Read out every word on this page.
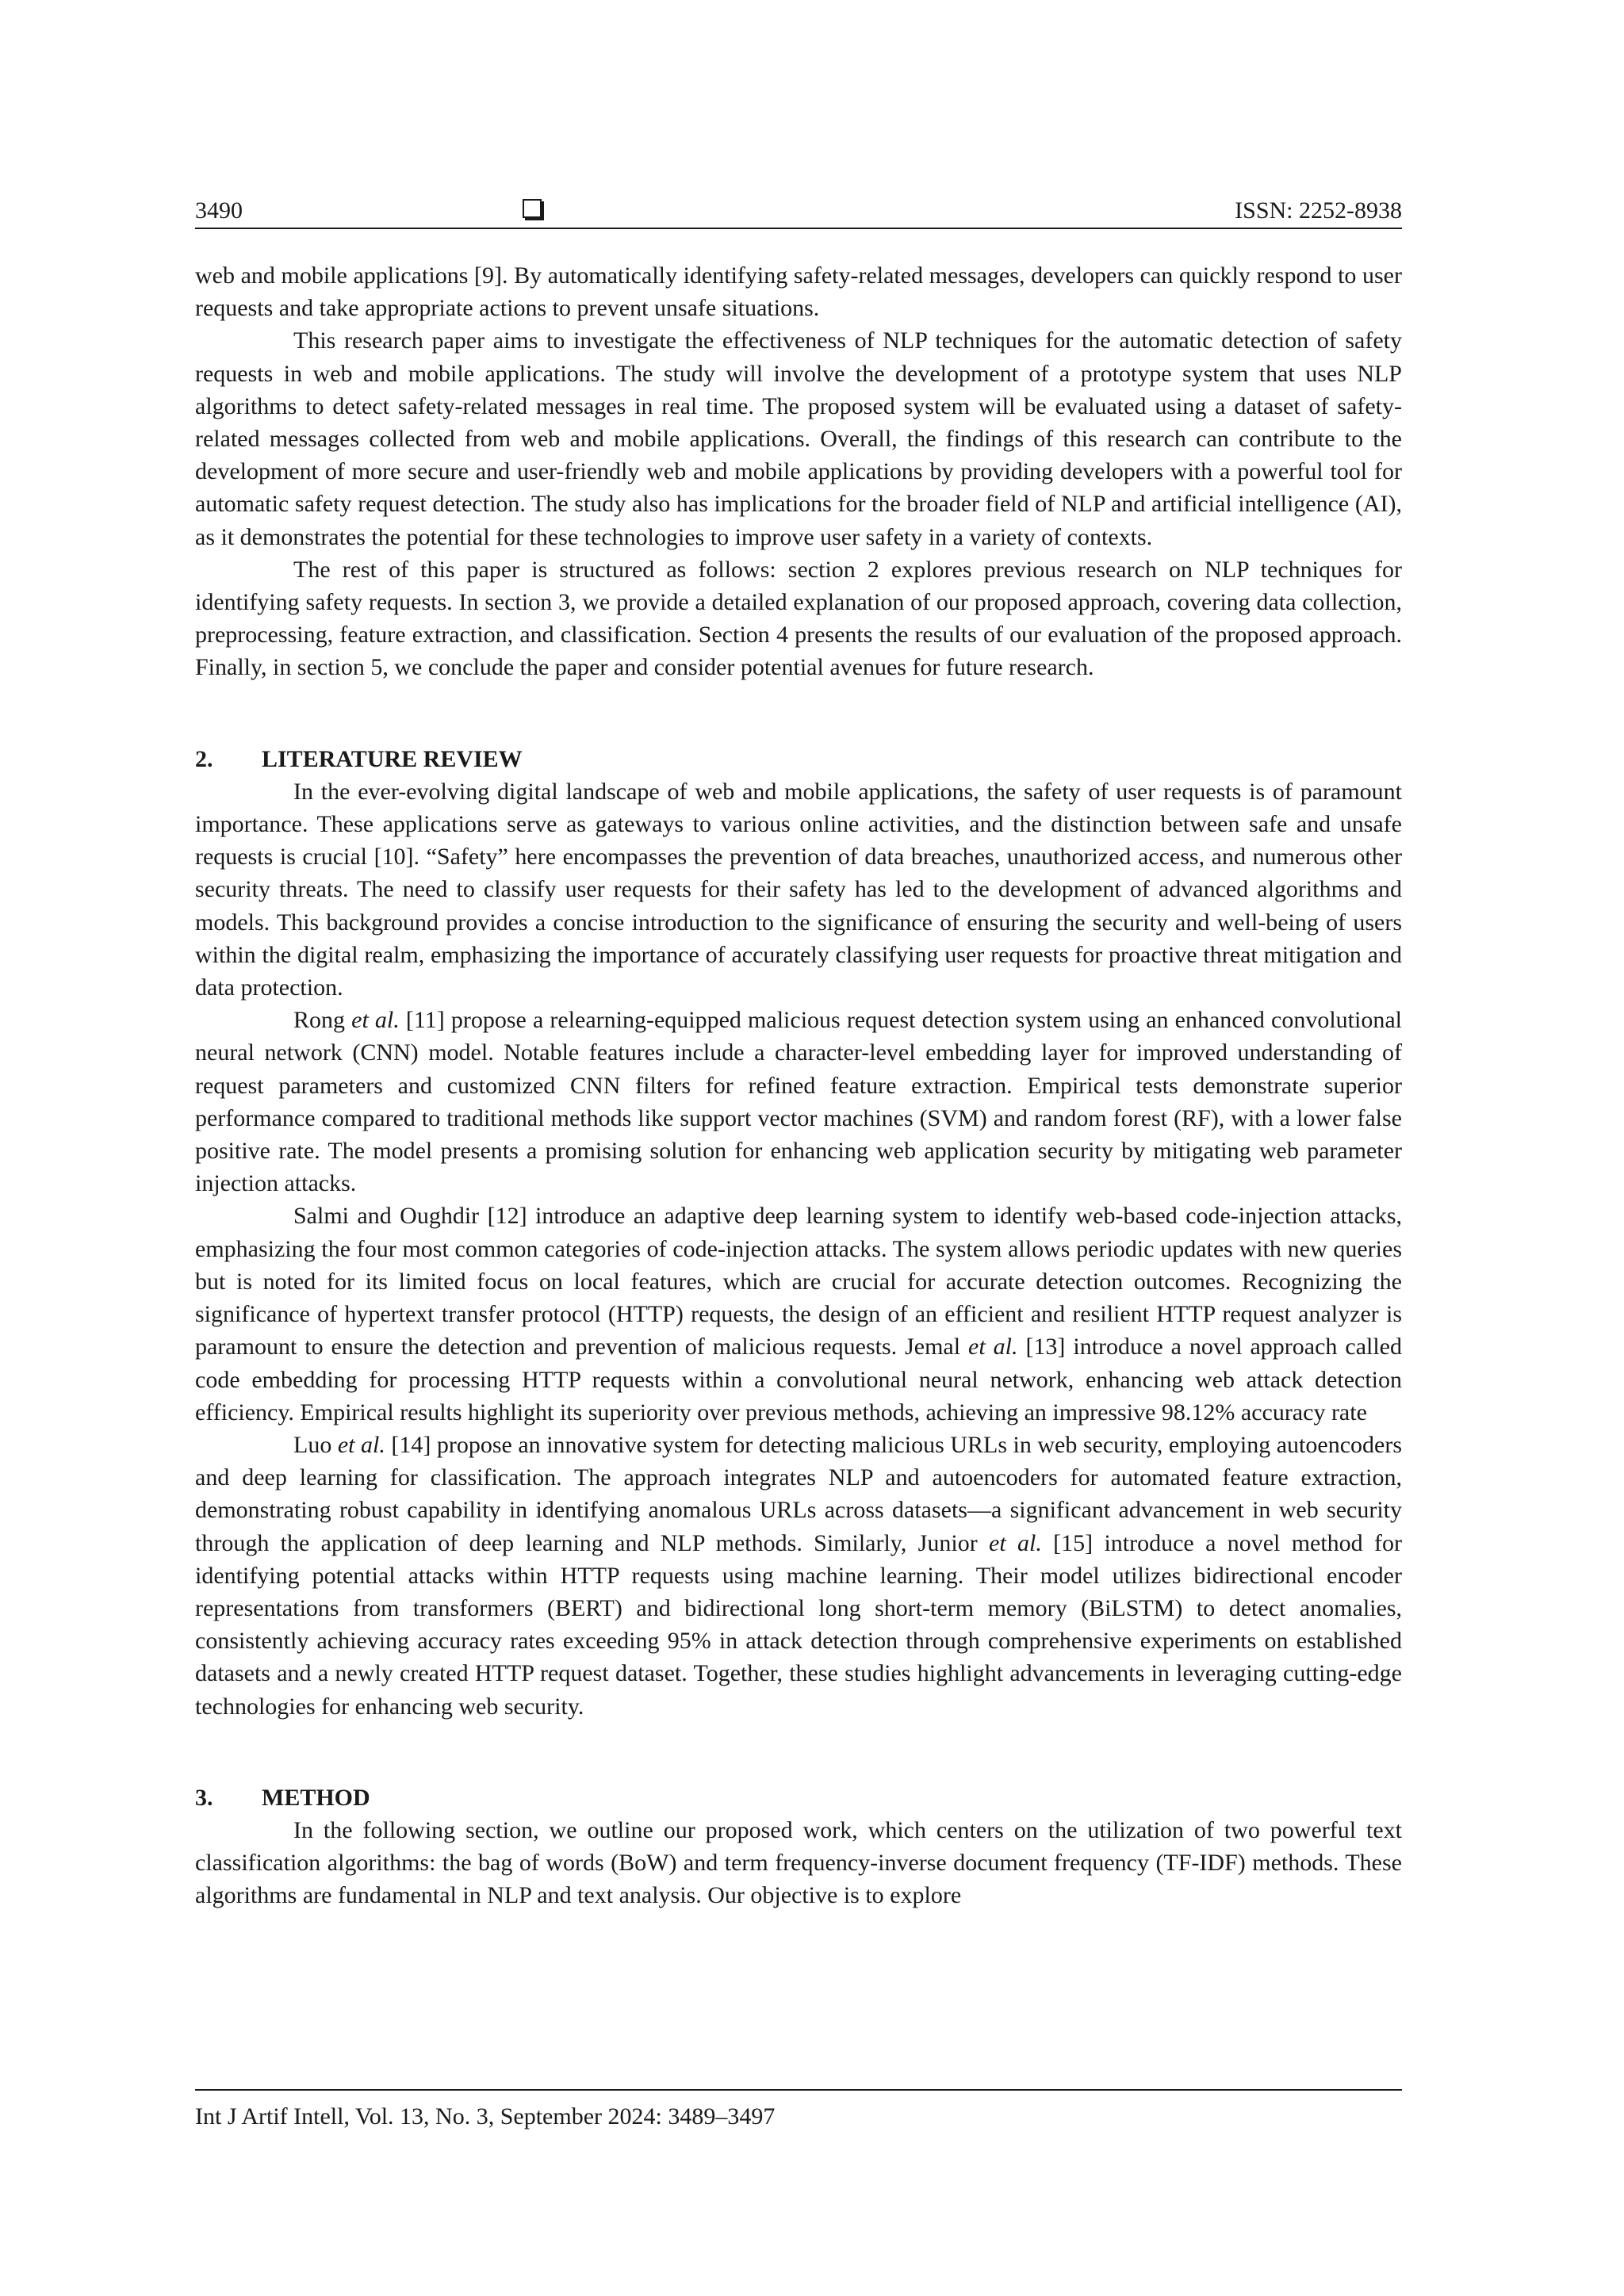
3490	ISSN: 2252-8938

web and mobile applications [9]. By automatically identifying safety-related messages, developers can quickly respond to user requests and take appropriate actions to prevent unsafe situations.

This research paper aims to investigate the effectiveness of NLP techniques for the automatic detection of safety requests in web and mobile applications. The study will involve the development of a prototype system that uses NLP algorithms to detect safety-related messages in real time. The proposed system will be evaluated using a dataset of safety-related messages collected from web and mobile applications. Overall, the findings of this research can contribute to the development of more secure and user-friendly web and mobile applications by providing developers with a powerful tool for automatic safety request detection. The study also has implications for the broader field of NLP and artificial intelligence (AI), as it demonstrates the potential for these technologies to improve user safety in a variety of contexts.

The rest of this paper is structured as follows: section 2 explores previous research on NLP techniques for identifying safety requests. In section 3, we provide a detailed explanation of our proposed approach, covering data collection, preprocessing, feature extraction, and classification. Section 4 presents the results of our evaluation of the proposed approach. Finally, in section 5, we conclude the paper and consider potential avenues for future research.

2. LITERATURE REVIEW

In the ever-evolving digital landscape of web and mobile applications, the safety of user requests is of paramount importance. These applications serve as gateways to various online activities, and the distinction between safe and unsafe requests is crucial [10]. “Safety” here encompasses the prevention of data breaches, unauthorized access, and numerous other security threats. The need to classify user requests for their safety has led to the development of advanced algorithms and models. This background provides a concise introduction to the significance of ensuring the security and well-being of users within the digital realm, emphasizing the importance of accurately classifying user requests for proactive threat mitigation and data protection.

Rong et al. [11] propose a relearning-equipped malicious request detection system using an enhanced convolutional neural network (CNN) model. Notable features include a character-level embedding layer for improved understanding of request parameters and customized CNN filters for refined feature extraction. Empirical tests demonstrate superior performance compared to traditional methods like support vector machines (SVM) and random forest (RF), with a lower false positive rate. The model presents a promising solution for enhancing web application security by mitigating web parameter injection attacks.

Salmi and Oughdir [12] introduce an adaptive deep learning system to identify web-based code-injection attacks, emphasizing the four most common categories of code-injection attacks. The system allows periodic updates with new queries but is noted for its limited focus on local features, which are crucial for accurate detection outcomes. Recognizing the significance of hypertext transfer protocol (HTTP) requests, the design of an efficient and resilient HTTP request analyzer is paramount to ensure the detection and prevention of malicious requests. Jemal et al. [13] introduce a novel approach called code embedding for processing HTTP requests within a convolutional neural network, enhancing web attack detection efficiency. Empirical results highlight its superiority over previous methods, achieving an impressive 98.12% accuracy rate

Luo et al. [14] propose an innovative system for detecting malicious URLs in web security, employing autoencoders and deep learning for classification. The approach integrates NLP and autoencoders for automated feature extraction, demonstrating robust capability in identifying anomalous URLs across datasets—a significant advancement in web security through the application of deep learning and NLP methods. Similarly, Junior et al. [15] introduce a novel method for identifying potential attacks within HTTP requests using machine learning. Their model utilizes bidirectional encoder representations from transformers (BERT) and bidirectional long short-term memory (BiLSTM) to detect anomalies, consistently achieving accuracy rates exceeding 95% in attack detection through comprehensive experiments on established datasets and a newly created HTTP request dataset. Together, these studies highlight advancements in leveraging cutting-edge technologies for enhancing web security.

3. METHOD

In the following section, we outline our proposed work, which centers on the utilization of two powerful text classification algorithms: the bag of words (BoW) and term frequency-inverse document frequency (TF-IDF) methods. These algorithms are fundamental in NLP and text analysis. Our objective is to explore

Int J Artif Intell, Vol. 13, No. 3, September 2024: 3489–3497
